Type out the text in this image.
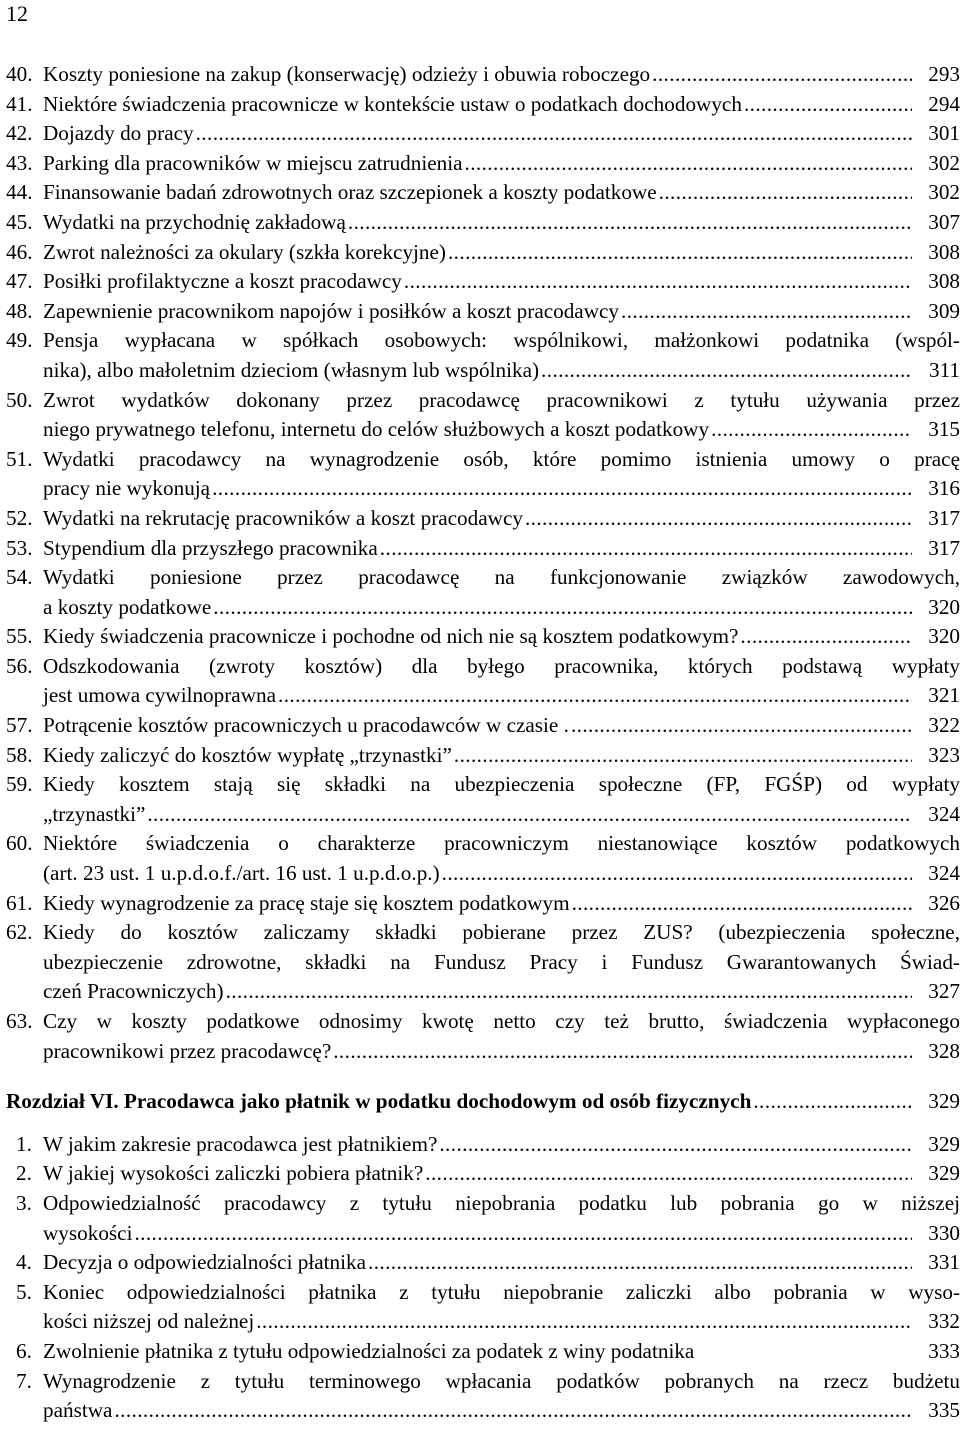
12
40. Koszty poniesione na zakup (konserwację) odzieży i obuwia roboczego .....	293
41. Niektóre świadczenia pracownicze w kontekście ustaw o podatkach dochodowych .....	294
42. Dojazdy do pracy .....	301
43. Parking dla pracowników w miejscu zatrudnienia .....	302
44. Finansowanie badań zdrowotnych oraz szczepionek a koszty podatkowe .....	302
45. Wydatki na przychodnię zakładową .....	307
46. Zwrot należności za okulary (szkła korekcyjne) .....	308
47. Posiłki profilaktyczne a koszt pracodawcy .....	308
48. Zapewnienie pracownikom napojów i posiłków a koszt pracodawcy .....	309
49. Pensja wypłacana w spółkach osobowych: wspólnikowi, małżonkowi podatnika (wspól-
nika), albo małoletnim dzieciom (własnym lub wspólnika) .....	311
50. Zwrot wydatków dokonany przez pracodawcę pracownikowi z tytułu używania przez
niego prywatnego telefonu, internetu do celów służbowych a koszt podatkowy .....	315
51. Wydatki pracodawcy na wynagrodzenie osób, które pomimo istnienia umowy o pracę
pracy nie wykonują .....	316
52. Wydatki na rekrutację pracowników a koszt pracodawcy .....	317
53. Stypendium dla przyszłego pracownika .....	317
54. Wydatki poniesione przez pracodawcę na funkcjonowanie związków zawodowych,
a koszty podatkowe .....	320
55. Kiedy świadczenia pracownicze i pochodne od nich nie są kosztem podatkowym? .....	320
56. Odszkodowania (zwroty kosztów) dla byłego pracownika, których podstawą wypłaty
jest umowa cywilnoprawna .....	321
57. Potrącenie kosztów pracowniczych u pracodawców w czasie . .....	322
58. Kiedy zaliczyć do kosztów wypłatę „trzynastki” .....	323
59. Kiedy kosztem stają się składki na ubezpieczenia społeczne (FP, FGŚP) od wypłaty
„trzynastki” .....	324
60. Niektóre świadczenia o charakterze pracowniczym niestanowiące kosztów podatkowych
(art. 23 ust. 1 u.p.d.o.f./art. 16 ust. 1 u.p.d.o.p.) .....	324
61. Kiedy wynagrodzenie za pracę staje się kosztem podatkowym .....	326
62. Kiedy do kosztów zaliczamy składki pobierane przez ZUS? (ubezpieczenia społeczne,
ubezpieczenie zdrowotne, składki na Fundusz Pracy i Fundusz Gwarantowanych Świad-
czeń Pracowniczych) .....	327
63. Czy w koszty podatkowe odnosimy kwotę netto czy też brutto, świadczenia wypłaconego
pracownikowi przez pracodawcę? .....	328
Rozdział VI. Pracodawca jako płatnik w podatku dochodowym od osób fizycznych .....	329
1. W jakim zakresie pracodawca jest płatnikiem? .....	329
2. W jakiej wysokości zaliczki pobiera płatnik? .....	329
3. Odpowiedzialność pracodawcy z tytułu niepobrania podatku lub pobrania go w niższej
wysokości .....	330
4. Decyzja o odpowiedzialności płatnika .....	331
5. Koniec odpowiedzialności płatnika z tytułu niepobranie zaliczki albo pobrania w wyso-
kości niższej od należnej .....	332
6. Zwolnienie płatnika z tytułu odpowiedzialności za podatek z winy podatnika	333
7. Wynagrodzenie z tytułu terminowego wpłacania podatków pobranych na rzecz budżetu
państwa .....	335
